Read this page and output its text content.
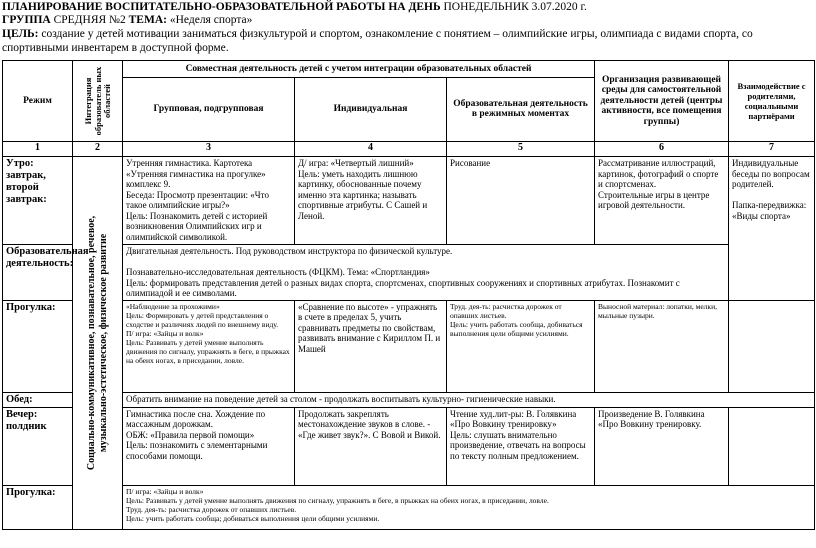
ПЛАНИРОВАНИЕ ВОСПИТАТЕЛЬНО-ОБРАЗОВАТЕЛЬНОЙ РАБОТЫ НА ДЕНЬ ПОНЕДЕЛЬНИК 3.07.2020 г.
ГРУППА СРЕДНЯЯ №2 ТЕМА: «Неделя спорта»
ЦЕЛЬ: создание у детей мотивации заниматься физкультурой и спортом, ознакомление с понятием – олимпийские игры, олимпиада с видами спорта, со спортивными инвентарем в доступной форме.
Режим	Интеграция образователь ных областей	Совместная деятельность детей с учетом интеграции образовательных областей			Организация развивающей среды для самостоятельной деятельности детей (центры активности, все помещения группы)	Взаимодействие с родителями, социальными партнёрами
		Групповая, подгрупповая	Индивидуальная	Образовательная деятельность в режимных моментах		
1	2	3	4	5	6	7
Утро: завтрак, второй завтрак:	Социально-коммуникативное, познавательное, речевое, музыкально-эстетическое, физическое развитие	Утренняя гимнастика. Картотека «Утренняя гимнастика на прогулке» комплекс 9.
Беседа: Просмотр презентации: «Что такое олимпийские игры?»
Цель: Познакомить детей с историей возникновения Олимпийских игр и олимпийской символикой.	Д/ игра: «Четвертый лишний»
Цель: уметь находить лишнюю картинку, обоснованные почему именно эта картинка; называть спортивные атрибуты. С Сашей и Леной.	Рисование	Рассматривание иллюстраций, картинок, фотографий о спорте и спортсменах.
Строительные игры в центре игровой деятельности.	Индивидуальные беседы по вопросам родителей.

Папка-передвижка: «Виды спорта»
Образовательная деятельность:		Двигательная деятельность. Под руководством инструктора по физической культуре.

Познавательно-исследовательная деятельность (ФЦКМ). Тема: «Спортландия»
Цель: формировать представления детей о разных видах спорта, спортсменах, спортивных сооружениях и спортивных атрибутах. Познакомит с олимпиадой и ее символами.				
Прогулка:		«Наблюдение за прохожими»
Цель: Формировать у детей представления о сходстве и различиях людей по внешнему виду.
П/ игра: «Зайцы и волк»
Цель: Развивать у детей умение выполнять движения по сигналу, упражнять в беге, в прыжках на обеих ногах, в приседании, ловле.	«Сравнение по высоте» - упражнять в счете в пределах 5, учить сравнивать предметы по свойствам, развивать внимание с Кириллом П. и Машей	Труд. дея-ть: расчистка дорожек от опавших листьев.
Цель: учить работать сообща, добиваться выполнения цели общими усилиями.	Выносной материал: лопатки, мелки, мыльные пузыри.	
Обед:		Обратить внимание на поведение детей за столом - продолжать воспитывать культурно- гигиенические навыки.				
Вечер: полдник		Гимнастика после сна. Хождение по массажным дорожкам.
ОБЖ: «Правила первой помощи»
Цель: познакомить с элементарными способами помощи.	Продолжать закреплять местонахождение звуков в слове. - «Где живет звук?». С Вовой и Викой.	Чтение худ.лит-ры: В. Голявкина «Про Вовкину тренировку»
Цель: слушать внимательно произведение, отвечать на вопросы по тексту полным предложением.	Произведение В. Голявкина «Про Вовкину тренировку.	
Прогулка:		П/ игра: «Зайцы и волк»
Цель: Развивать у детей умение выполнять движения по сигналу, упражнять в беге, в прыжках на обеих ногах, в приседании, ловле.
Труд. дея-ть: расчистка дорожек от опавших листьев.
Цель: учить работать сообща; добиваться выполнения цели общими усилиями.				
